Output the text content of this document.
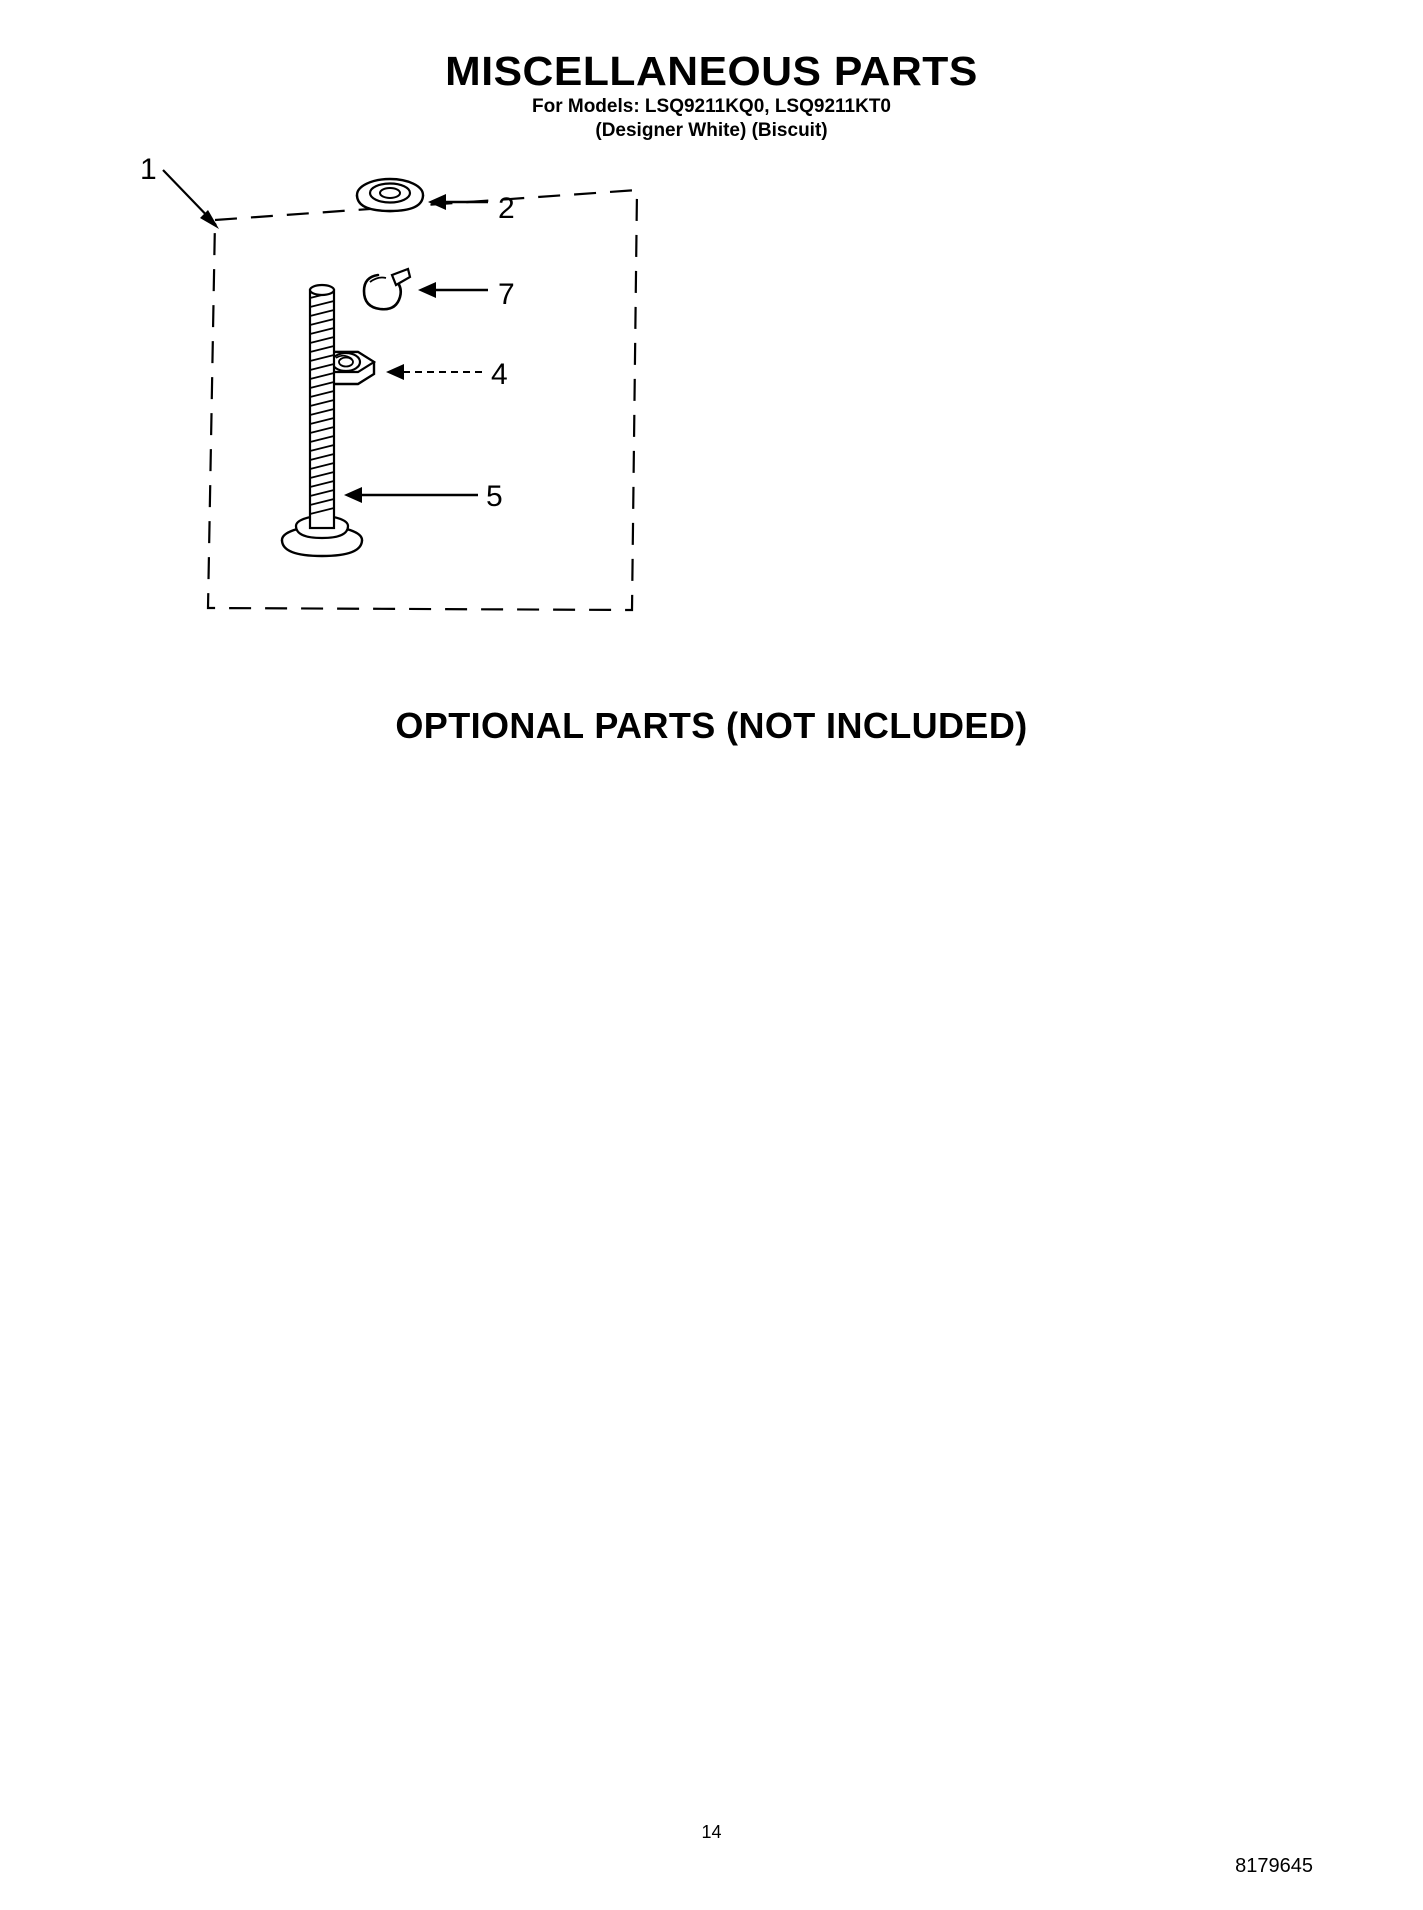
MISCELLANEOUS PARTS
For Models: LSQ9211KQ0, LSQ9211KT0
(Designer White) (Biscuit)
1
2
7
4
5
OPTIONAL PARTS (NOT INCLUDED)
14
8179645
